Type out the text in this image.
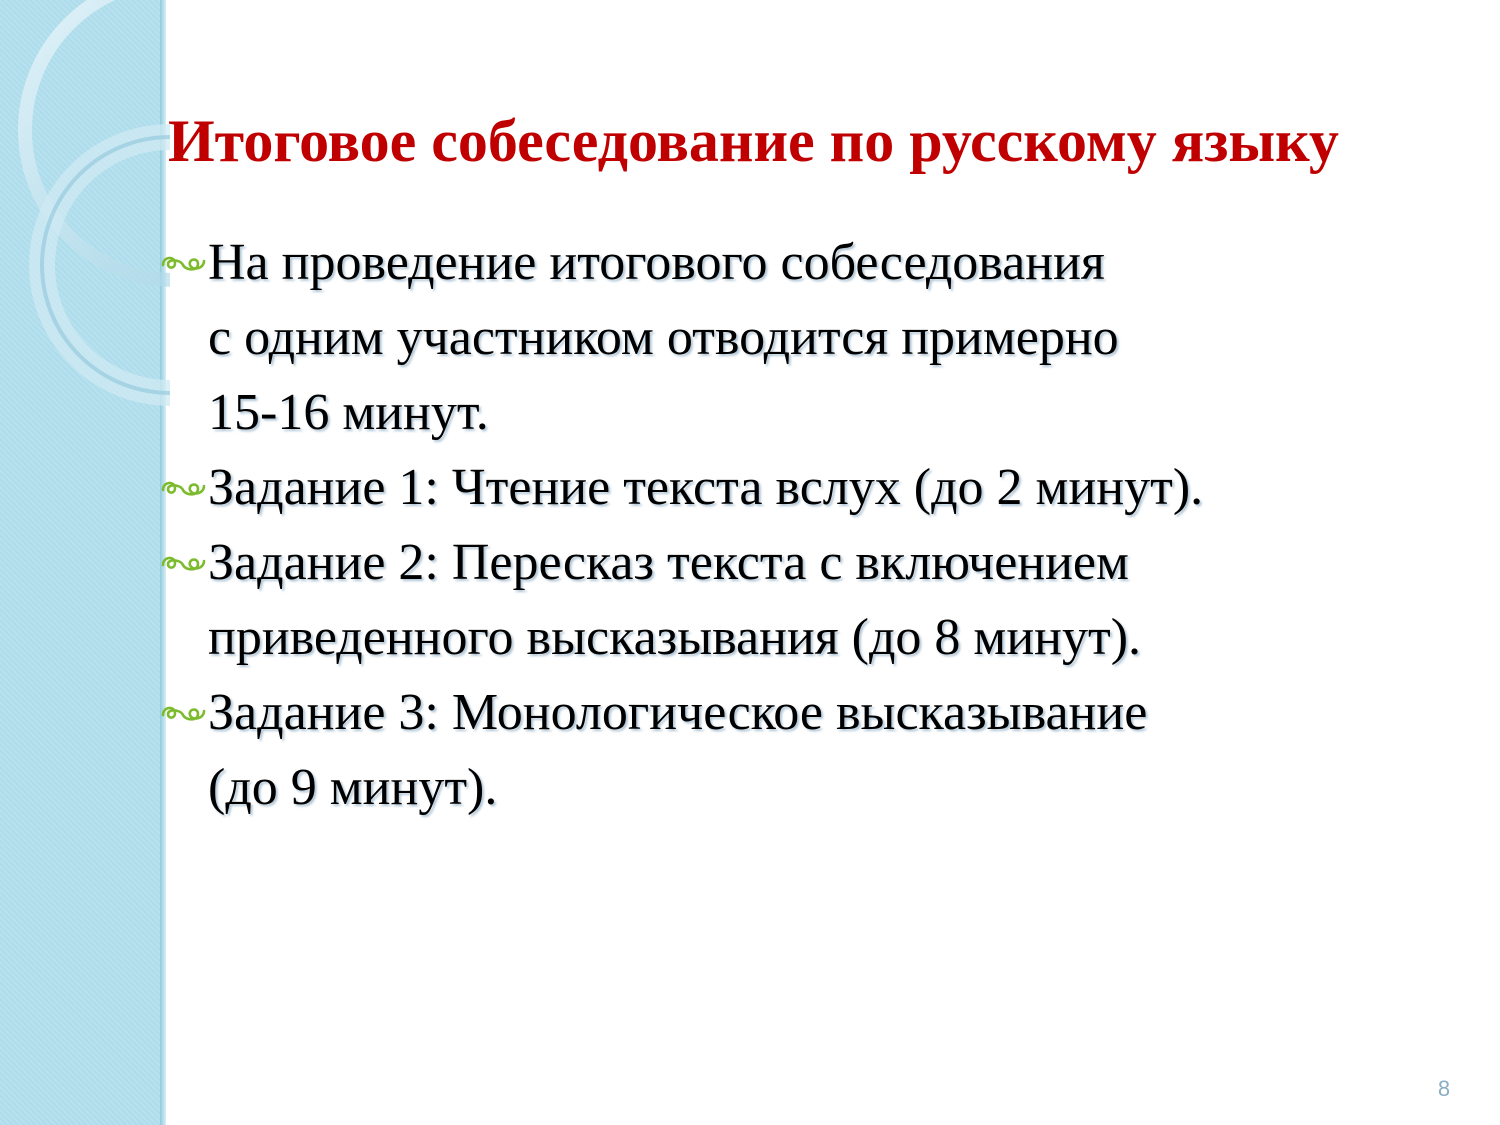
Итоговое собеседование по русскому языку
На проведение итогового собеседования
с одним участником отводится примерно
15-16 минут.
Задание 1: Чтение текста вслух (до 2 минут).
Задание 2: Пересказ текста с включением
приведенного высказывания (до 8 минут).
Задание 3: Монологическое высказывание
(до 9 минут).
8
